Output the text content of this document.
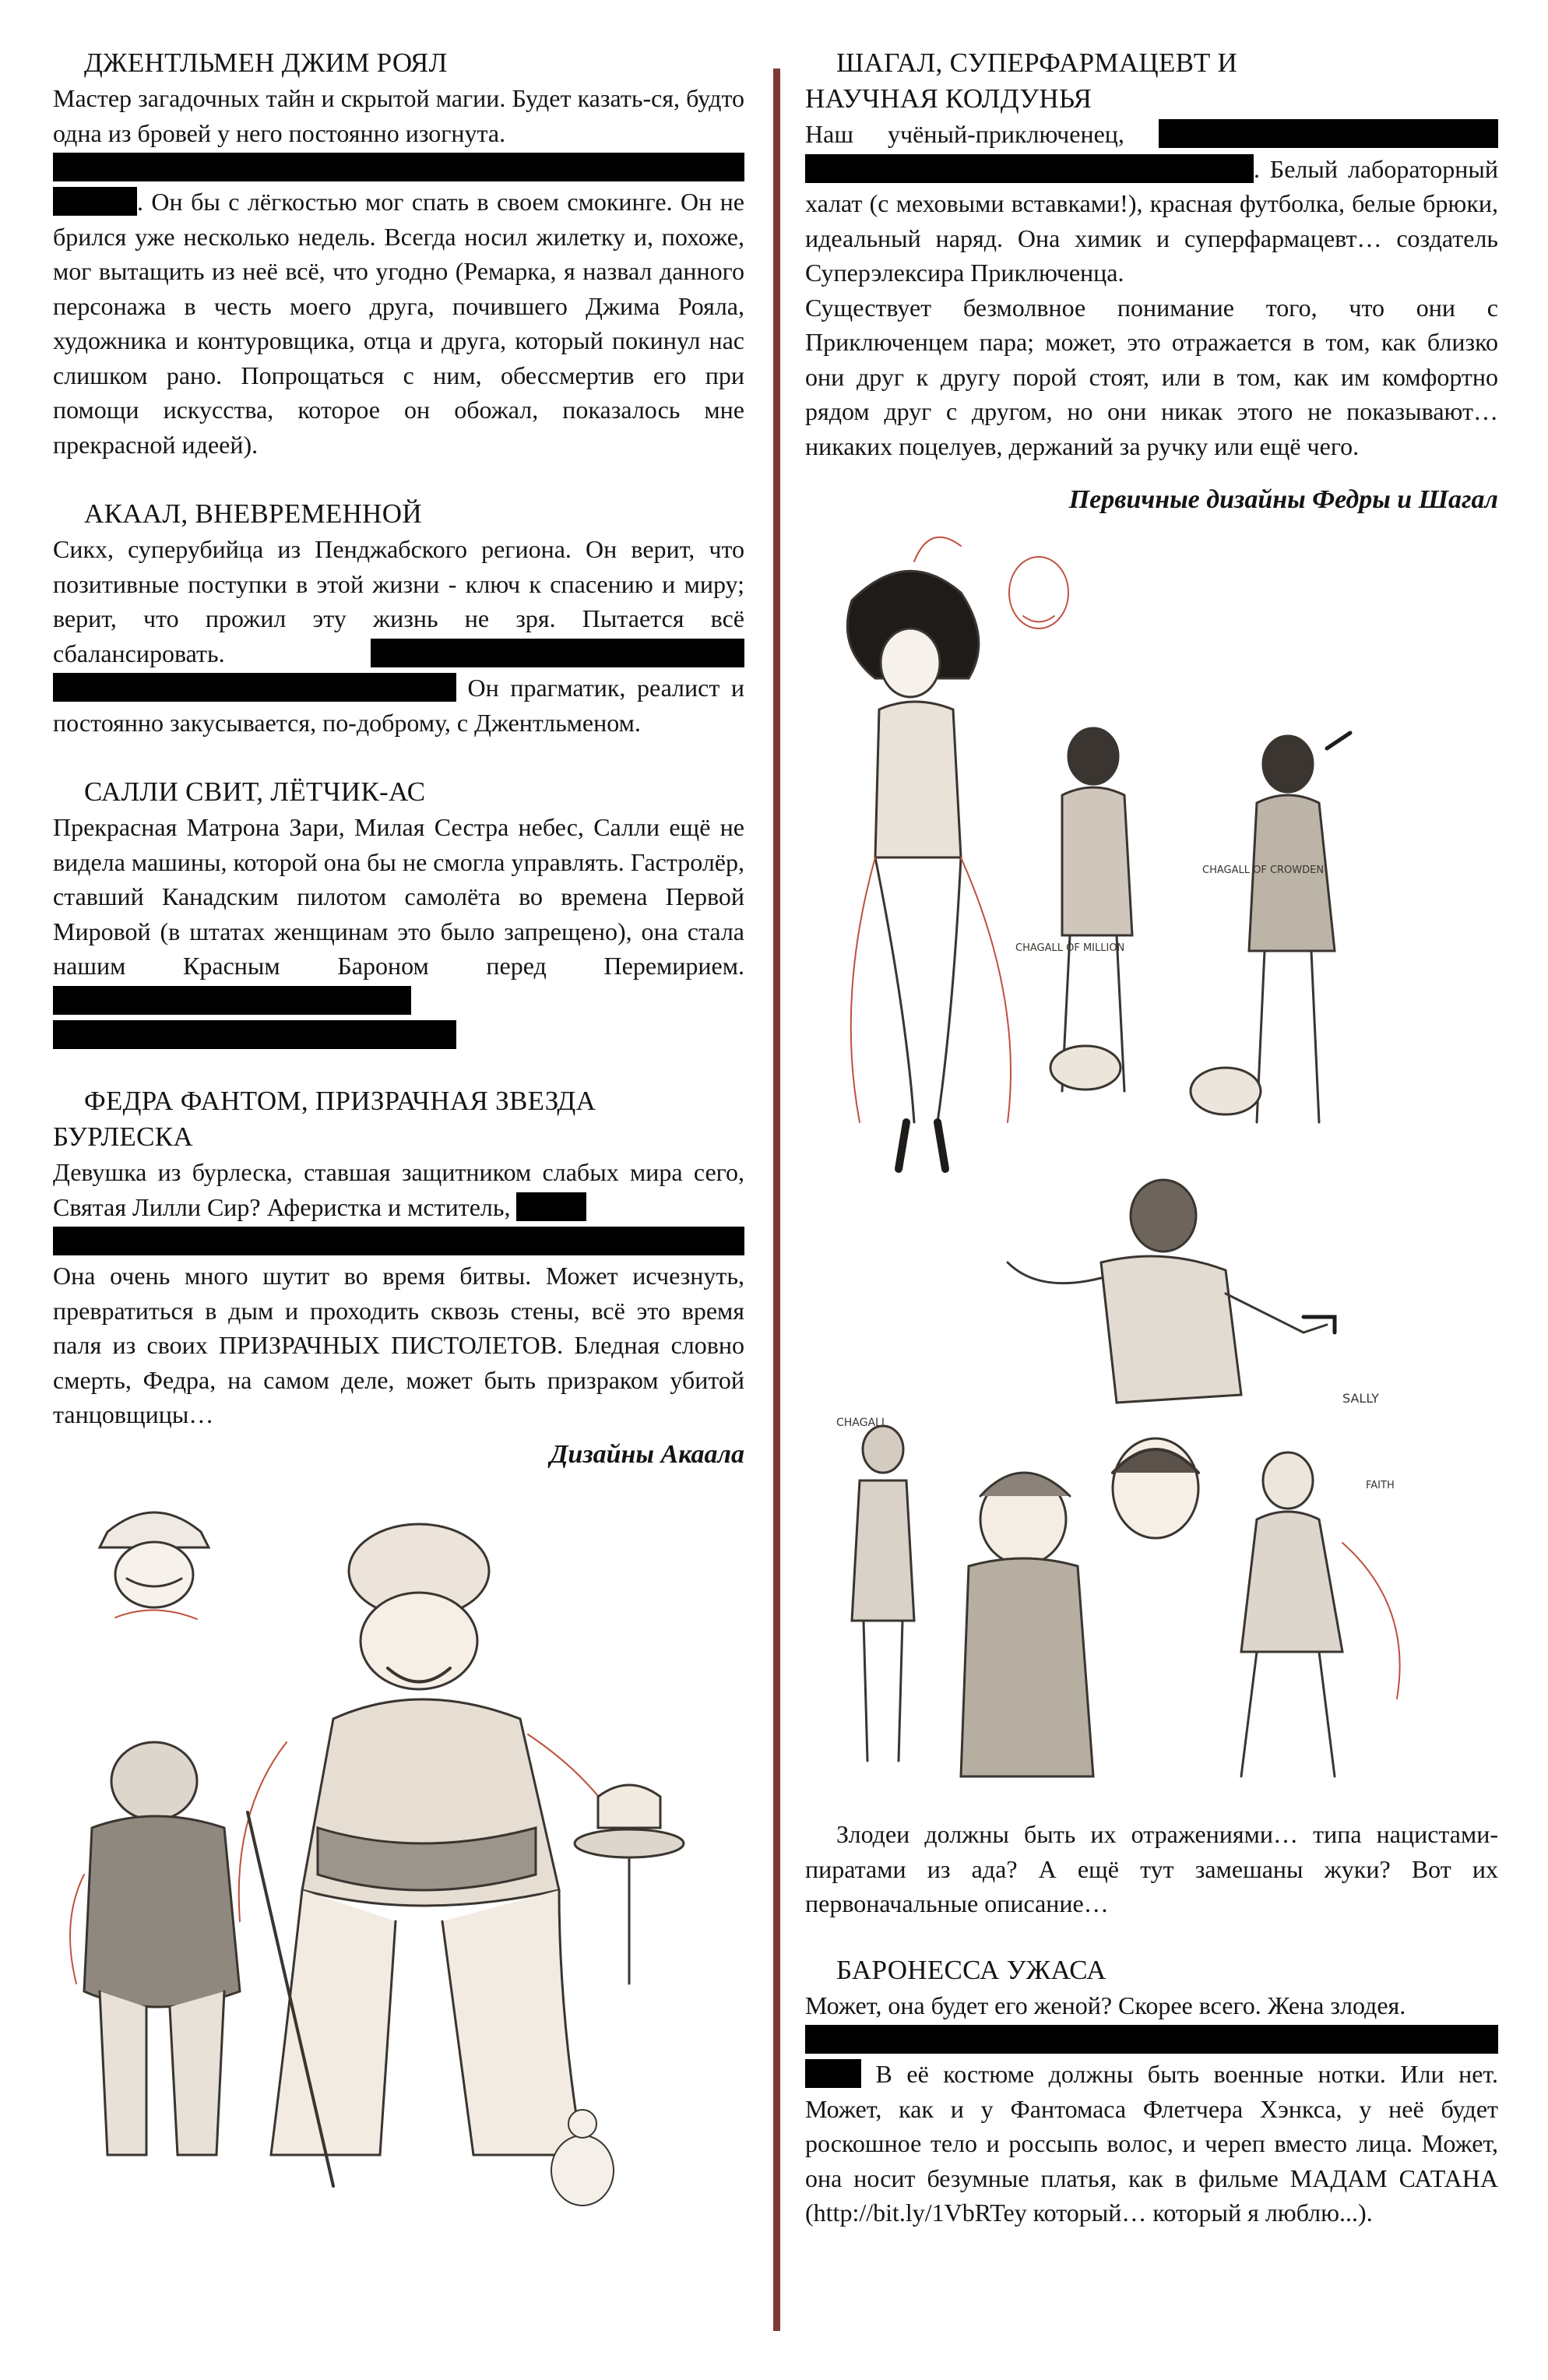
ДЖЕНТЛЬМЕН ДЖИМ РОЯЛ

Мастер загадочных тайн и скрытой магии. Будет казать-ся, будто одна из бровей у него постоянно изогнута.
. Он бы с лёгкостью мог спать в своем смокинге. Он не брился уже несколько недель. Всегда носил жилетку и, похоже, мог вытащить из неё всё, что угодно (Ремарка, я назвал данного персонажа в честь моего друга, почившего Джима Рояла, художника и контуровщика, отца и друга, который покинул нас слишком рано. Попрощаться с ним, обессмертив его при помощи искусства, которое он обожал, показалось мне прекрасной идеей).

АКААЛ, ВНЕВРЕМЕННОЙ

Сикх, суперубийца из Пенджабского региона. Он верит, что позитивные поступки в этой жизни - ключ к спасению и миру; верит, что прожил эту жизнь не зря. Пытается всё сбалансировать.   Он прагматик, реалист и постоянно закусывается, по-доброму, с Джентльменом.

САЛЛИ СВИТ, ЛЁТЧИК-АС

Прекрасная Матрона Зари, Милая Сестра небес, Салли ещё не видела машины, которой она бы не смогла управлять. Гастролёр, ставший Канадским пилотом самолёта во времена Первой Мировой (в штатах женщинам это было запрещено), она стала нашим Красным Бароном перед Перемирием.

ФЕДРА ФАНТОМ, ПРИЗРАЧНАЯ ЗВЕЗДА

БУРЛЕСКА

Девушка из бурлеска, ставшая защитником слабых мира сего, Святая Лилли Сир? Аферистка и мститель,
Она очень много шутит во время битвы. Может исчезнуть, превратиться в дым и проходить сквозь стены, всё это время паля из своих ПРИЗРАЧНЫХ ПИСТОЛЕТОВ. Бледная словно смерть, Федра, на самом деле, может быть призраком убитой танцовщицы…

Дизайны Акаала

ШАГАЛ, СУПЕРФАРМАЦЕВТ И

НАУЧНАЯ КОЛДУНЬЯ

Наш учёный-приключенец,  . Белый лабораторный халат (с меховыми вставками!), красная футболка, белые брюки, идеальный наряд. Она химик и суперфармацевт… создатель Суперэлексира Приключенца.

Существует безмолвное понимание того, что они с Приключенцем пара; может, это отражается в том, как близко они друг к другу порой стоят, или в том, как им комфортно рядом друг с другом, но они никак этого не показывают… никаких поцелуев, держаний за ручку или ещё чего.

Первичные дизайны Федры и Шагал

CHAGALL OF MILLION
CHAGALL OF CROWDEN
SALLY
CHAGALL
FAITH

Злодеи должны быть их отражениями… типа нацистами-пиратами из ада? А ещё тут замешаны жуки? Вот их первоначальные описание…

БАРОНЕССА УЖАСА

Может, она будет его женой? Скорее всего. Жена злодея.
В её костюме должны быть военные нотки. Или нет. Может, как и у Фантомаса Флетчера Хэнкса, у неё будет роскошное тело и россыпь волос, и череп вместо лица. Может, она носит безумные платья, как в фильме МАДАМ САТАНА (http://bit.ly/1VbRTey который… который я люблю...).
